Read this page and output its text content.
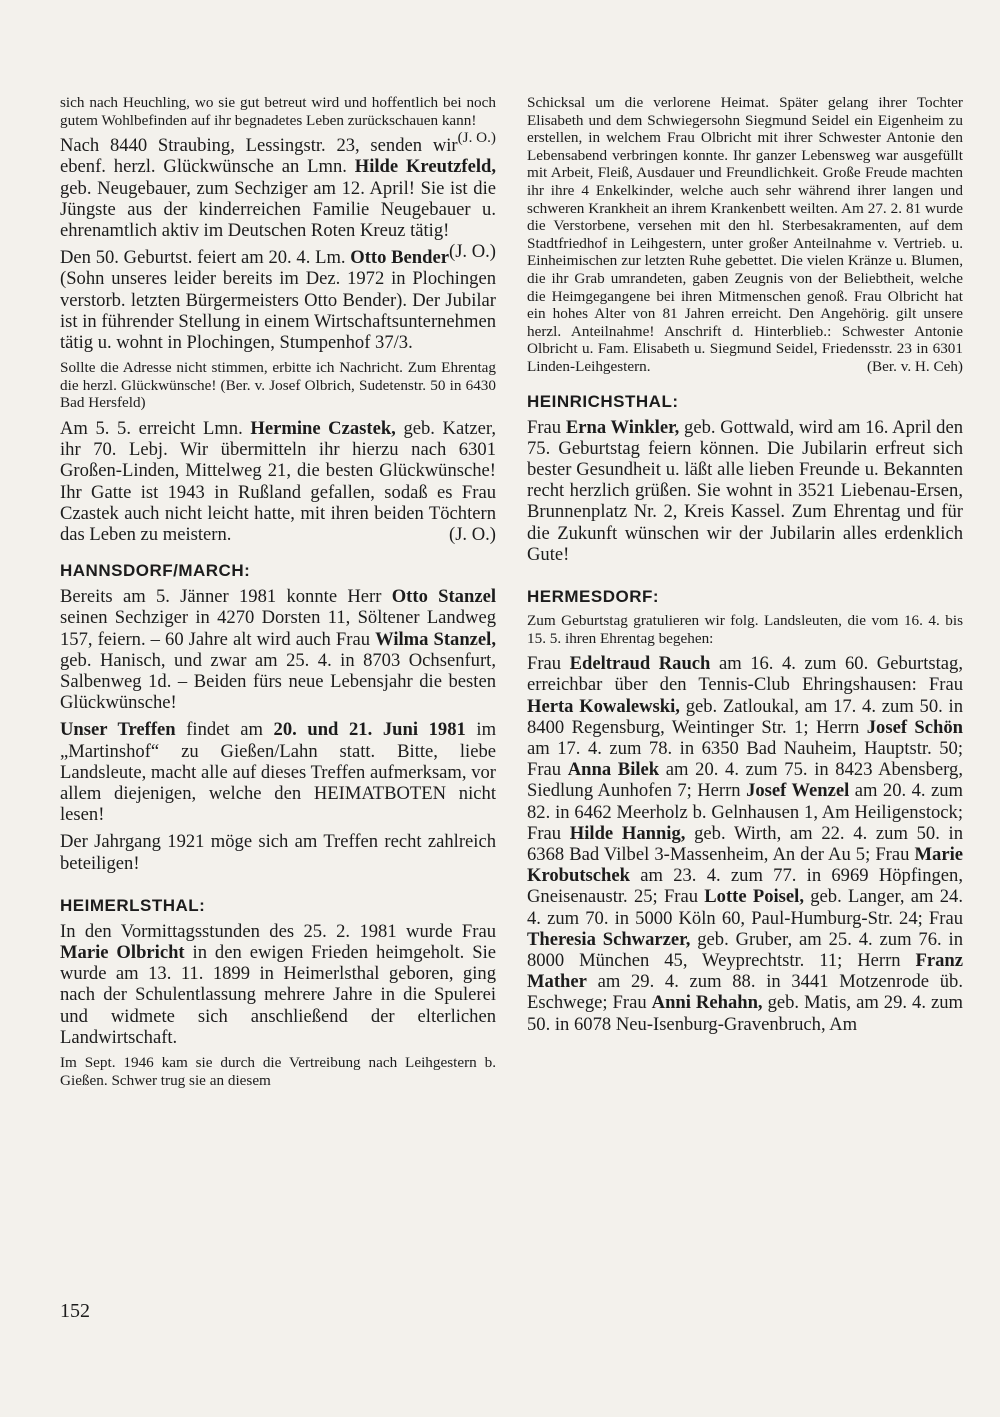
sich nach Heuchling, wo sie gut betreut wird und hoffentlich bei noch gutem Wohlbefinden auf ihr begnadetes Leben zurückschauen kann!
(J. O.)

Nach 8440 Straubing, Lessingstr. 23, senden wir ebenf. herzl. Glückwünsche an Lmn. Hilde Kreutzfeld, geb. Neugebauer, zum Sechziger am 12. April! Sie ist die Jüngste aus der kinderreichen Familie Neugebauer u. ehrenamtlich aktiv im Deutschen Roten Kreuz tätig!
(J. O.)

Den 50. Geburtst. feiert am 20. 4. Lm. Otto Bender (Sohn unseres leider bereits im Dez. 1972 in Plochingen verstorb. letzten Bürgermeisters Otto Bender). Der Jubilar ist in führender Stellung in einem Wirtschaftsunternehmen tätig u. wohnt in Plochingen, Stumpenhof 37/3.

Sollte die Adresse nicht stimmen, erbitte ich Nachricht. Zum Ehrentag die herzl. Glückwünsche! (Ber. v. Josef Olbrich, Sudetenstr. 50 in 6430 Bad Hersfeld)

Am 5. 5. erreicht Lmn. Hermine Czastek, geb. Katzer, ihr 70. Lebj. Wir übermitteln ihr hierzu nach 6301 Großen-Linden, Mittelweg 21, die besten Glückwünsche! Ihr Gatte ist 1943 in Rußland gefallen, sodaß es Frau Czastek auch nicht leicht hatte, mit ihren beiden Töchtern das Leben zu meistern.	(J. O.)

HANNSDORF/MARCH:

Bereits am 5. Jänner 1981 konnte Herr Otto Stanzel seinen Sechziger in 4270 Dorsten 11, Söltener Landweg 157, feiern. – 60 Jahre alt wird auch Frau Wilma Stanzel, geb. Hanisch, und zwar am 25. 4. in 8703 Ochsenfurt, Salbenweg 1d. – Beiden fürs neue Lebensjahr die besten Glückwünsche!

Unser Treffen findet am 20. und 21. Juni 1981 im „Martinshof“ zu Gießen/Lahn statt. Bitte, liebe Landsleute, macht alle auf dieses Treffen aufmerksam, vor allem diejenigen, welche den HEIMATBOTEN nicht lesen!

Der Jahrgang 1921 möge sich am Treffen recht zahlreich beteiligen!

HEIMERLSTHAL:

In den Vormittagsstunden des 25. 2. 1981 wurde Frau Marie Olbricht in den ewigen Frieden heimgeholt. Sie wurde am 13. 11. 1899 in Heimerlsthal geboren, ging nach der Schulentlassung mehrere Jahre in die Spulerei und widmete sich anschließend der elterlichen Landwirtschaft.

Im Sept. 1946 kam sie durch die Vertreibung nach Leihgestern b. Gießen. Schwer trug sie an diesem

Schicksal um die verlorene Heimat. Später gelang ihrer Tochter Elisabeth und dem Schwiegersohn Siegmund Seidel ein Eigenheim zu erstellen, in welchem Frau Olbricht mit ihrer Schwester Antonie den Lebensabend verbringen konnte. Ihr ganzer Lebensweg war ausgefüllt mit Arbeit, Fleiß, Ausdauer und Freundlichkeit. Große Freude machten ihr ihre 4 Enkelkinder, welche auch sehr während ihrer langen und schweren Krankheit an ihrem Krankenbett weilten. Am 27. 2. 81 wurde die Verstorbene, versehen mit den hl. Sterbesakramenten, auf dem Stadtfriedhof in Leihgestern, unter großer Anteilnahme v. Vertrieb. u. Einheimischen zur letzten Ruhe gebettet. Die vielen Kränze u. Blumen, die ihr Grab umrandeten, gaben Zeugnis von der Beliebtheit, welche die Heimgegangene bei ihren Mitmenschen genoß. Frau Olbricht hat ein hohes Alter von 81 Jahren erreicht. Den Angehörig. gilt unsere herzl. Anteilnahme! Anschrift d. Hinterblieb.: Schwester Antonie Olbricht u. Fam. Elisabeth u. Siegmund Seidel, Friedensstr. 23 in 6301 Linden-Leihgestern.	(Ber. v. H. Ceh)

HEINRICHSTHAL:

Frau Erna Winkler, geb. Gottwald, wird am 16. April den 75. Geburtstag feiern können. Die Jubilarin erfreut sich bester Gesundheit u. läßt alle lieben Freunde u. Bekannten recht herzlich grüßen. Sie wohnt in 3521 Liebenau-Ersen, Brunnenplatz Nr. 2, Kreis Kassel. Zum Ehrentag und für die Zukunft wünschen wir der Jubilarin alles erdenklich Gute!

HERMESDORF:

Zum Geburtstag gratulieren wir folg. Landsleuten, die vom 16. 4. bis 15. 5. ihren Ehrentag begehen:

Frau Edeltraud Rauch am 16. 4. zum 60. Geburtstag, erreichbar über den Tennis-Club Ehringshausen: Frau Herta Kowalewski, geb. Zatloukal, am 17. 4. zum 50. in 8400 Regensburg, Weintinger Str. 1; Herrn Josef Schön am 17. 4. zum 78. in 6350 Bad Nauheim, Hauptstr. 50; Frau Anna Bilek am 20. 4. zum 75. in 8423 Abensberg, Siedlung Aunhofen 7; Herrn Josef Wenzel am 20. 4. zum 82. in 6462 Meerholz b. Gelnhausen 1, Am Heiligenstock; Frau Hilde Hannig, geb. Wirth, am 22. 4. zum 50. in 6368 Bad Vilbel 3-Massenheim, An der Au 5; Frau Marie Krobutschek am 23. 4. zum 77. in 6969 Höpfingen, Gneisenaustr. 25; Frau Lotte Poisel, geb. Langer, am 24. 4. zum 70. in 5000 Köln 60, Paul-Humburg-Str. 24; Frau Theresia Schwarzer, geb. Gruber, am 25. 4. zum 76. in 8000 München 45, Weyprechtstr. 11; Herrn Franz Mather am 29. 4. zum 88. in 3441 Motzenrode üb. Eschwege; Frau Anni Rehahn, geb. Matis, am 29. 4. zum 50. in 6078 Neu-Isenburg-Gravenbruch, Am

152
